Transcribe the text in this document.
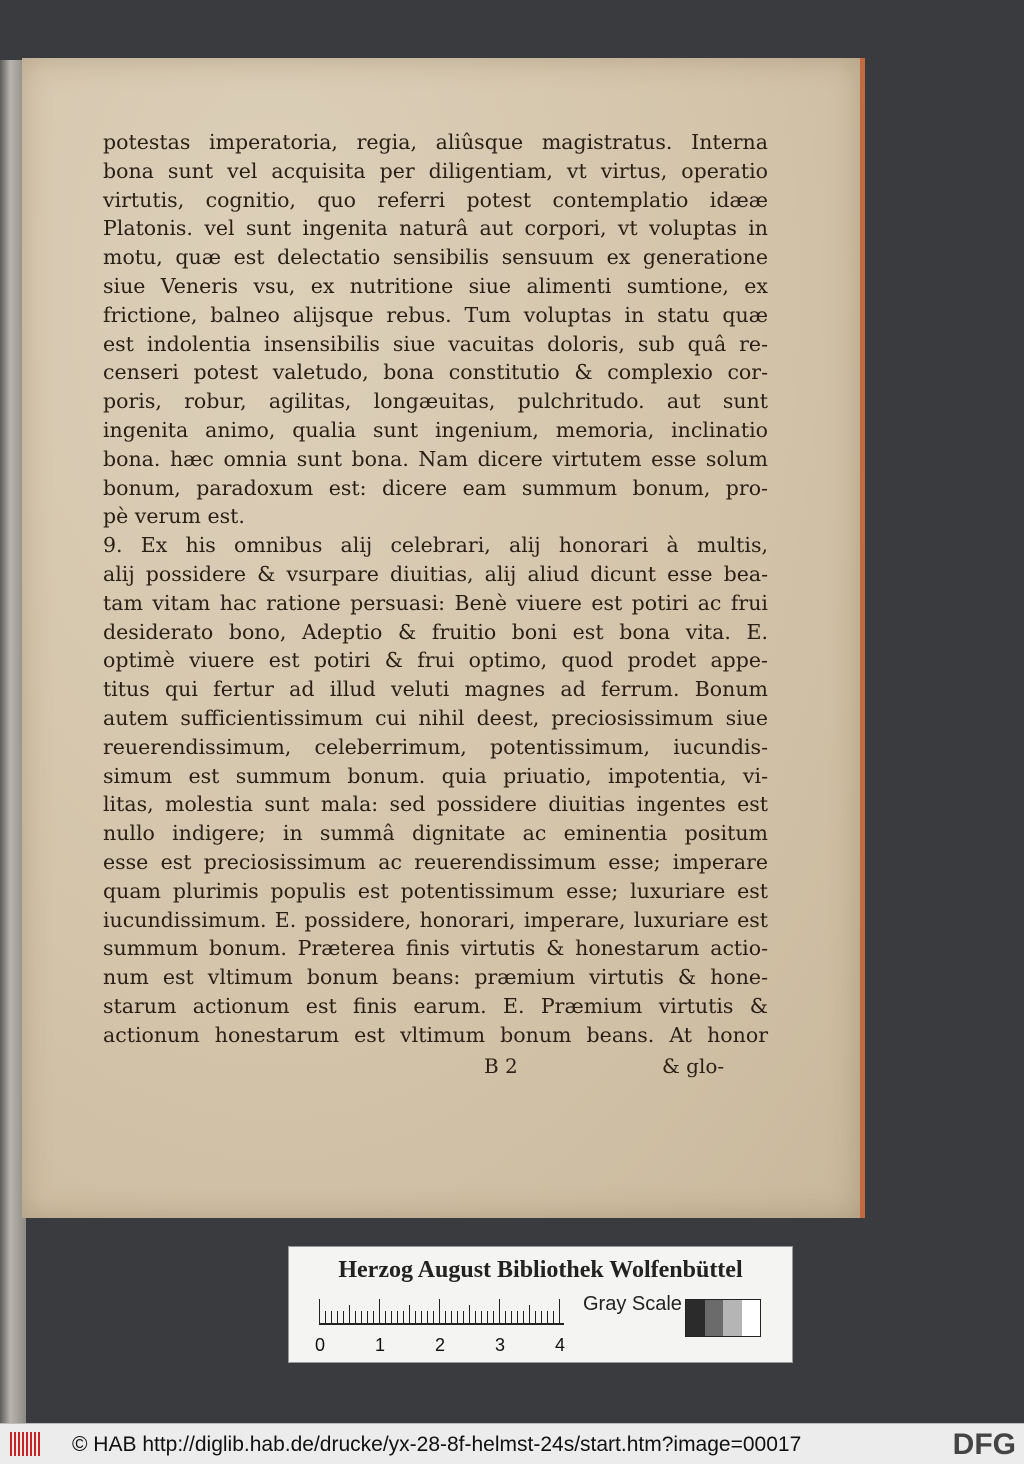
potestas imperatoria, regia, aliûsque magistratus. Interna
bona sunt vel acquisita per diligentiam, vt virtus, operatio
virtutis, cognitio, quo referri potest contemplatio idææ
Platonis. vel sunt ingenita naturâ aut corpori, vt voluptas in
motu, quæ est delectatio sensibilis sensuum ex generatione
siue Veneris vsu, ex nutritione siue alimenti sumtione, ex
frictione, balneo alijsque rebus. Tum voluptas in statu quæ
est indolentia insensibilis siue vacuitas doloris, sub quâ re-
censeri potest valetudo, bona constitutio & complexio cor-
poris, robur, agilitas, longæuitas, pulchritudo. aut sunt
ingenita animo, qualia sunt ingenium, memoria, inclinatio
bona. hæc omnia sunt bona. Nam dicere virtutem esse solum
bonum, paradoxum est: dicere eam summum bonum, pro-
pè verum est.
9. Ex his omnibus alij celebrari, alij honorari à multis,
alij possidere & vsurpare diuitias, alij aliud dicunt esse bea-
tam vitam hac ratione persuasi: Benè viuere est potiri ac frui
desiderato bono, Adeptio & fruitio boni est bona vita. E.
optimè viuere est potiri & frui optimo, quod prodet appe-
titus qui fertur ad illud veluti magnes ad ferrum. Bonum
autem sufficientissimum cui nihil deest, preciosissimum siue
reuerendissimum, celeberrimum, potentissimum, iucundis-
simum est summum bonum. quia priuatio, impotentia, vi-
litas, molestia sunt mala: sed possidere diuitias ingentes est
nullo indigere; in summâ dignitate ac eminentia positum
esse est preciosissimum ac reuerendissimum esse; imperare
quam plurimis populis est potentissimum esse; luxuriare est
iucundissimum. E. possidere, honorari, imperare, luxuriare est
summum bonum. Præterea finis virtutis & honestarum actio-
num est vltimum bonum beans: præmium virtutis & hone-
starum actionum est finis earum. E. Præmium virtutis &
actionum honestarum est vltimum bonum beans. At honor
B 2	& glo-
Herzog August Bibliothek Wolfenbüttel
0	1	2	3	4
Gray Scale
© HAB http://diglib.hab.de/drucke/yx-28-8f-helmst-24s/start.htm?image=00017	DFG
